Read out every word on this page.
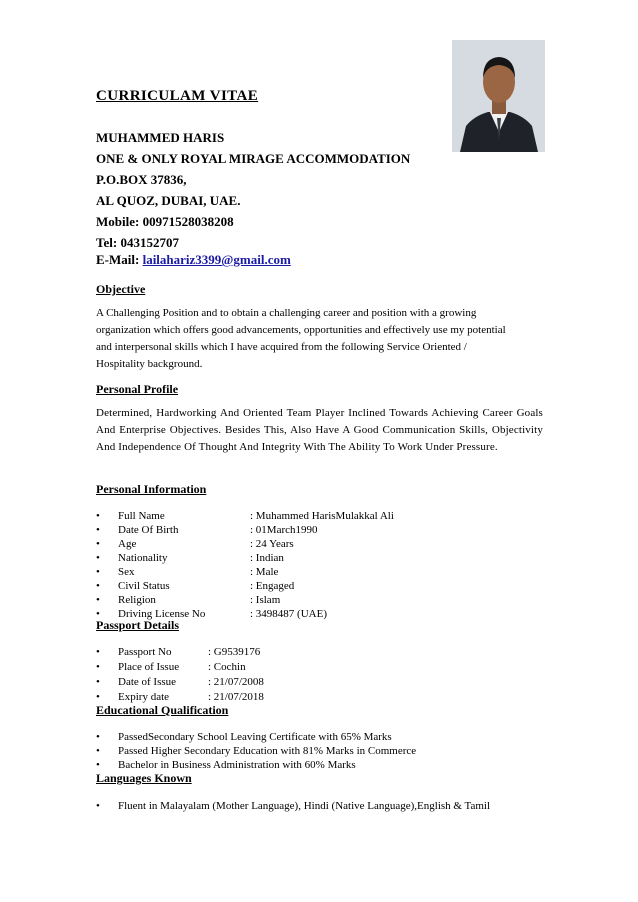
CURRICULAM VITAE
MUHAMMED HARIS
ONE & ONLY ROYAL MIRAGE ACCOMMODATION
P.O.BOX 37836,
AL QUOZ, DUBAI, UAE.
Mobile: 00971528038208
Tel: 043152707
E-Mail: lailahariz3399@gmail.com
Objective
A Challenging Position and to obtain a challenging career and position with a growing
organization which offers good advancements, opportunities and effectively use my potential
and interpersonal skills which I have acquired from the following Service Oriented /
Hospitality background.
Personal Profile
Determined, Hardworking And Oriented Team Player Inclined Towards Achieving Career Goals And Enterprise Objectives. Besides This, Also Have A Good Communication Skills, Objectivity And Independence Of Thought And Integrity With The Ability To Work Under Pressure.
Personal Information
• Full Name	: Muhammed HarisMulakkal Ali
• Date Of Birth	: 01March1990
• Age	: 24 Years
• Nationality	: Indian
• Sex	: Male
• Civil Status	: Engaged
• Religion	: Islam
• Driving License No	: 3498487 (UAE)
Passport Details
• Passport No	: G9539176
• Place of Issue	: Cochin
• Date of Issue	: 21/07/2008
• Expiry date	: 21/07/2018
Educational Qualification
• PassedSecondary School Leaving Certificate with 65% Marks
• Passed Higher Secondary Education with 81% Marks in Commerce
• Bachelor in Business Administration with 60% Marks
Languages Known
• Fluent in Malayalam (Mother Language), Hindi (Native Language),English & Tamil
